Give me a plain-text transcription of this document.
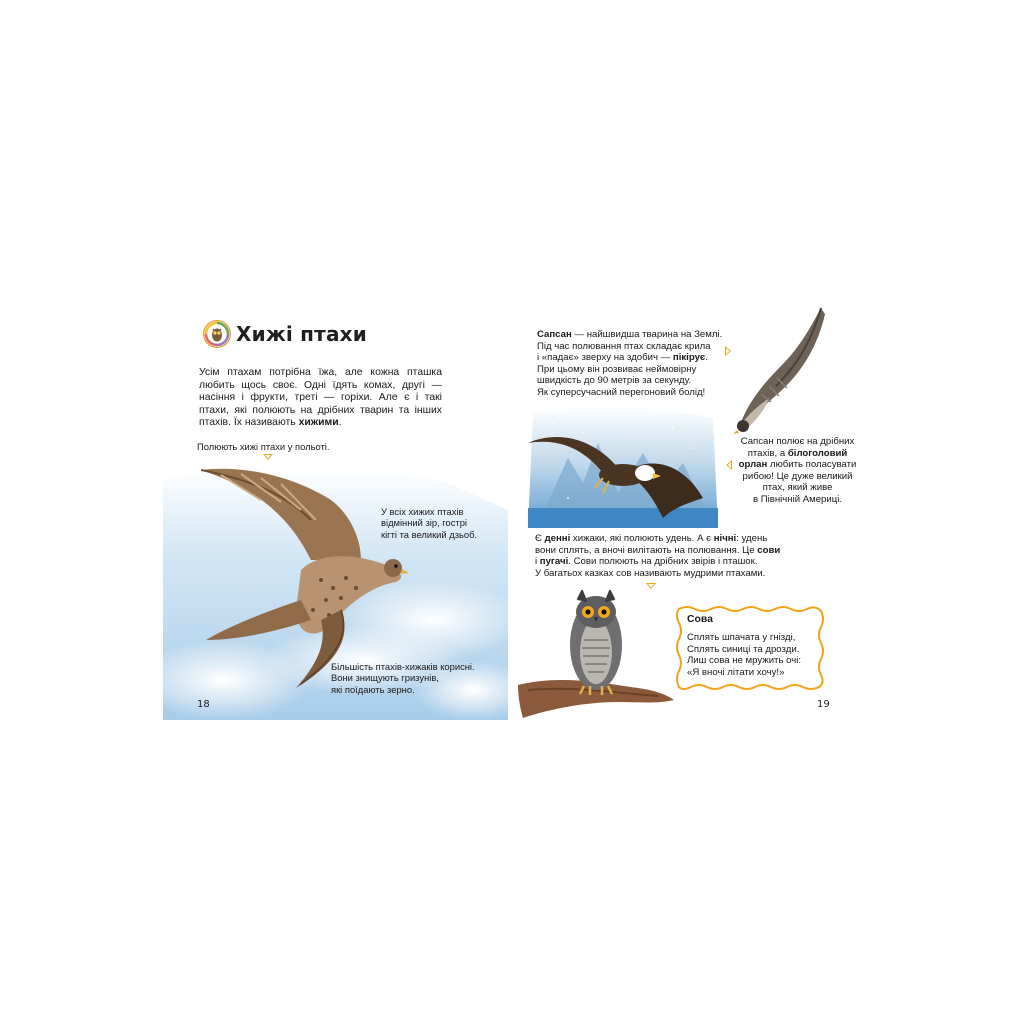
Хижі птахи
Усім птахам потрібна їжа, але кожна пташка любить щось своє. Одні їдять комах, другі — насіння і фрукти, треті — горіхи. Але є і такі птахи, які полюють на дрібних тварин та інших птахів. Їх називають хижими.
Полюють хижі птахи у польоті.
У всіх хижих птахів
відмінний зір, гострі
кігті та великий дзьоб.
Більшість птахів-хижаків корисні.
Вони знищують гризунів,
які поїдають зерно.
18
Сапсан — найшвидша тварина на Землі.
Під час полювання птах складає крила
і «падає» зверху на здобич — пікірує.
При цьому він розвиває неймовірну
швидкість до 90 метрів за секунду.
Як суперсучасний перегоновий болід!
Сапсан полює на дрібних
птахів, а білоголовий
орлан любить поласувати
рибою! Це дуже великий
птах, який живе
в Північній Америці.
Є денні хижаки, які полюють удень. А є нічні: удень
вони сплять, а вночі вилітають на полювання. Це сови
і пугачі. Сови полюють на дрібних звірів і пташок.
У багатьох казках сов називають мудрими птахами.
Сова
Сплять шпачата у гнізді,
Сплять синиці та дрозди.
Лиш сова не мружить очі:
«Я вночі літати хочу!»
19
